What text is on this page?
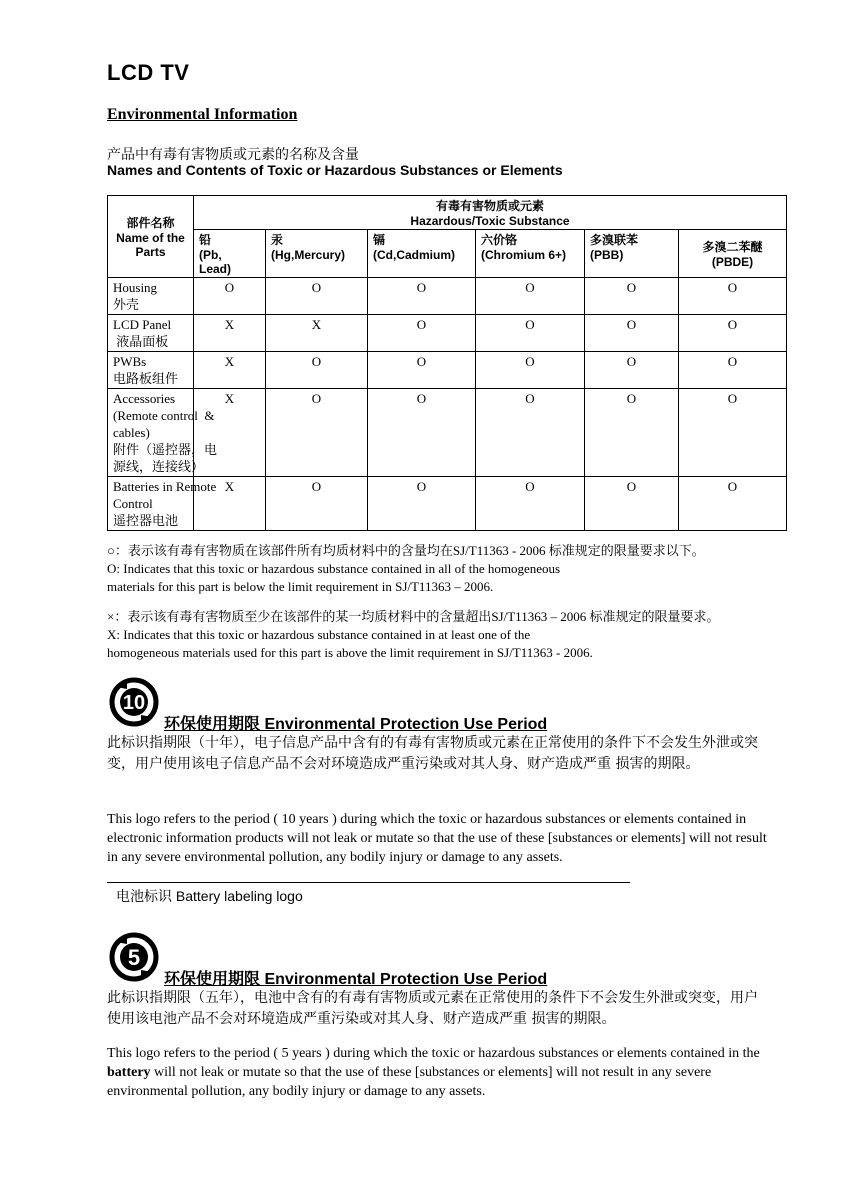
LCD TV
Environmental Information
产品中有毒有害物质或元素的名称及含量
Names and Contents of Toxic or Hazardous Substances or Elements
部件名称
Name of the Parts	有毒有害物质或元素
Hazardous/Toxic Substance					

	铅
(Pb,
Lead)	汞
(Hg,Mercury)	镉
(Cd,Cadmium)	六价铬
(Chromium 6+)	多溴联苯
(PBB)	多溴二苯醚
(PBDE)

Housing
外壳	O	O	O	O	O	O

LCD Panel
液晶面板	X	X	O	O	O	O

PWBs
电路板组件	X	O	O	O	O	O

Accessories
(Remote control  &
cables)
附件（遥控器，电
源线，连接线）	X	O	O	O	O	O

Batteries in Remote
Control
遥控器电池	X	O	O	O	O	O
○：表示该有毒有害物质在该部件所有均质材料中的含量均在SJ/T11363 - 2006 标准规定的限量要求以下。
O: Indicates that this toxic or hazardous substance contained in all of the homogeneous
materials for this part is below the limit requirement in SJ/T11363 – 2006.
×：表示该有毒有害物质至少在该部件的某一均质材料中的含量超出SJ/T11363 – 2006 标准规定的限量要求。
X: Indicates that this toxic or hazardous substance contained in at least one of the
homogeneous materials used for this part is above the limit requirement in SJ/T11363 - 2006.
10
环保使用期限 Environmental Protection Use Period
此标识指期限（十年），电子信息产品中含有的有毒有害物质或元素在正常使用的条件下不会发生外泄或突变，用户使用该电子信息产品不会对环境造成严重污染或对其人身、财产造成严重 损害的期限。
This logo refers to the period ( 10 years ) during which the toxic or hazardous substances or elements contained in electronic information products will not leak or mutate so that the use of these [substances or elements] will not result in any severe environmental pollution, any bodily injury or damage to any assets.
电池标识 Battery labeling logo
5
环保使用期限 Environmental Protection Use Period
此标识指期限（五年），电池中含有的有毒有害物质或元素在正常使用的条件下不会发生外泄或突变，用户使用该电池产品不会对环境造成严重污染或对其人身、财产造成严重 损害的期限。
This logo refers to the period ( 5 years ) during which the toxic or hazardous substances or elements contained in the battery will not leak or mutate so that the use of these [substances or elements] will not result in any severe environmental pollution, any bodily injury or damage to any assets.
